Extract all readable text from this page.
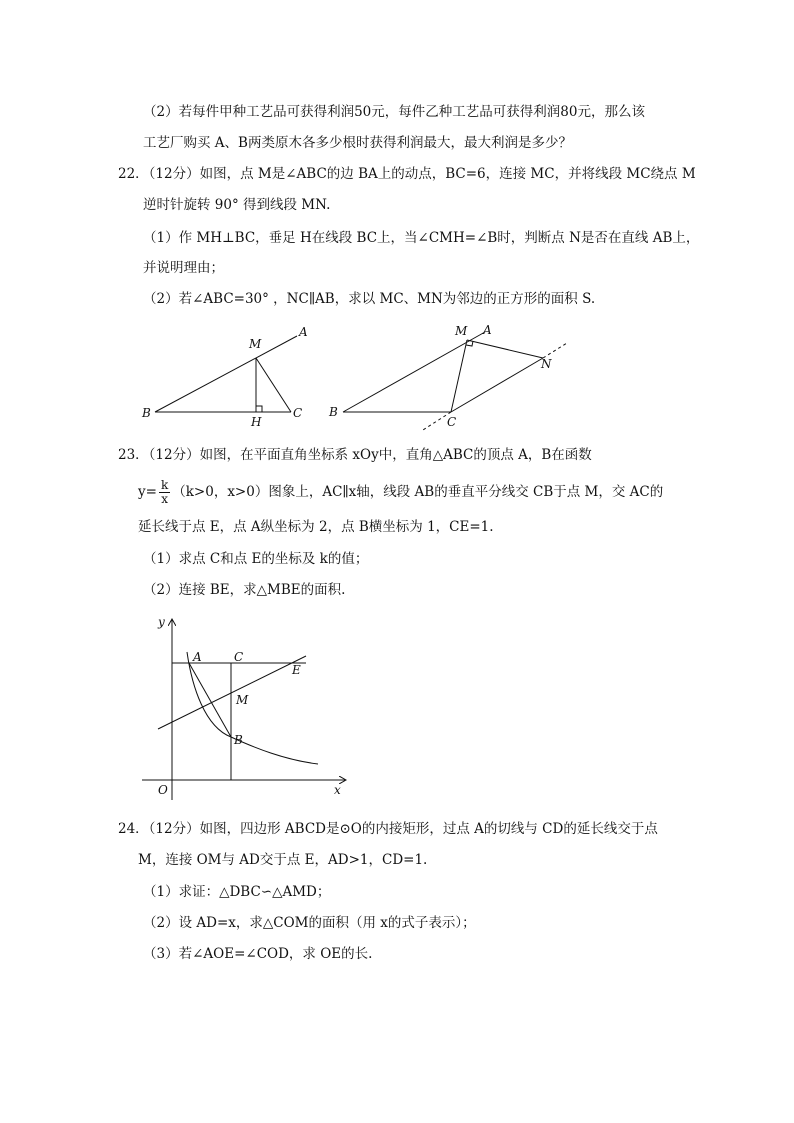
（2）若每件甲种工艺品可获得利润50元，每件乙种工艺品可获得利润80元，那么该
工艺厂购买 A、B两类原木各多少根时获得利润最大，最大利润是多少？
22．（12分）如图，点 M是∠ABC的边 BA上的动点，BC=6，连接 MC，并将线段 MC绕点 M
逆时针旋转 90° 得到线段 MN.
（1）作 MH⊥BC，垂足 H在线段 BC上，当∠CMH=∠B时，判断点 N是否在直线 AB上，
并说明理由；
（2）若∠ABC=30° ，NC∥AB，求以 MC、MN为邻边的正方形的面积 S.
M
A
B
H
C
M A
N
B
C
23．（12分）如图，在平面直角坐标系 xOy中，直角△ABC的顶点 A，B在函数
$y= \frac{k}{x} (k>0$，x>0）图象上，AC∥x轴，线段 AB的垂直平分线交 CB于点 M，交 AC的
延长线于点 E，点 A纵坐标为 2，点 B横坐标为 1，CE=1.
（1）求点 C和点 E的坐标及 k的值；
（2）连接 BE，求△MBE的面积.
y
x
O
A	C
E
M
B
24．（12分）如图，四边形 ABCD是⊙O的内接矩形，过点 A的切线与 CD的延长线交于点
M，连接 OM与 AD交于点 E，AD>1，CD=1.
（1）求证：△DBC∽△AMD；
（2）设 AD=x，求△COM的面积（用 x的式子表示）；
（3）若∠AOE=∠COD，求 OE的长.
